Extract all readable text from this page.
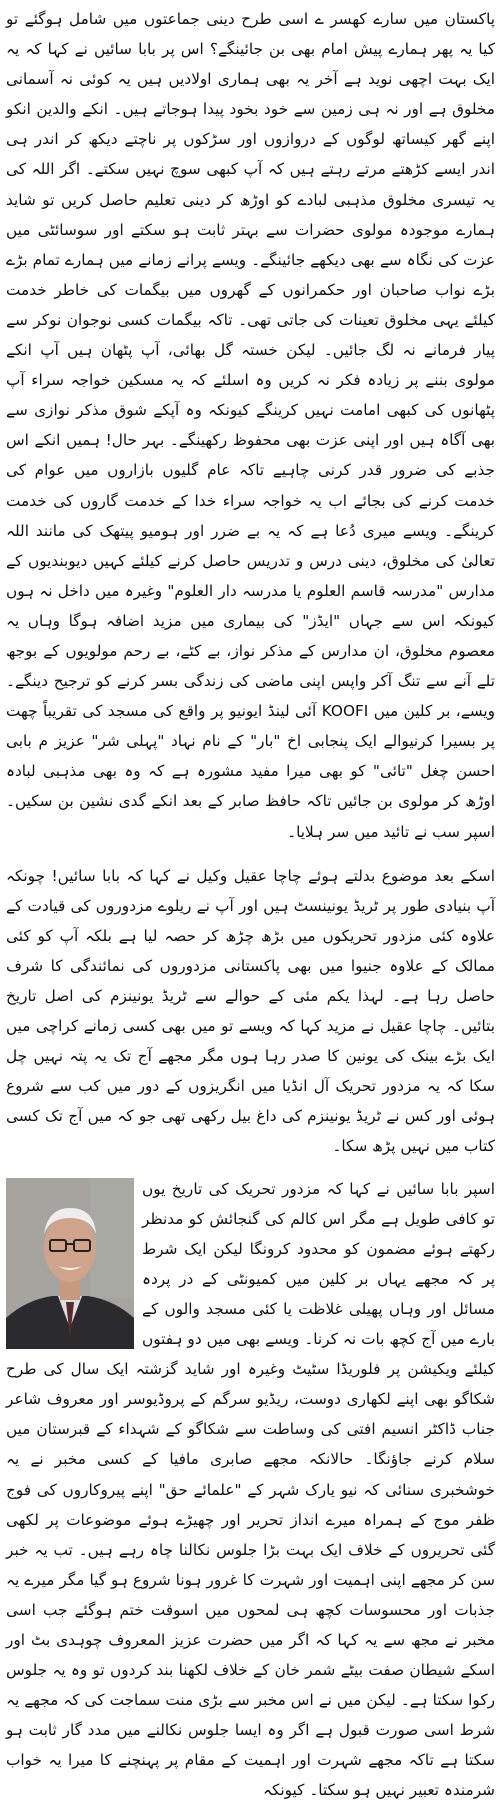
پاکستان میں سارے کھسر ے اسی طرح دینی جماعتوں میں شامل ہوگئے تو کیا یہ پھر ہمارے پیش امام بھی بن جائینگے؟ اس پر بابا سائیں نے کہا کہ یہ ایک بہت اچھی نوید ہے آخر یہ بھی ہماری اولادیں ہیں یہ کوئی نہ آسمانی مخلوق ہے اور نہ ہی زمین سے خود بخود پیدا ہوجاتے ہیں۔ انکے والدین انکو اپنے گھر کیساتھ لوگوں کے دروازوں اور سڑکوں پر ناچتے دیکھ کر اندر ہی اندر ایسے کڑھتے مرتے رہتے ہیں کہ آپ کبھی سوچ نہیں سکتے۔ اگر اللہ کی یہ تیسری مخلوق مذہبی لبادے کو اوڑھ کر دینی تعلیم حاصل کریں تو شاید ہمارے موجودہ مولوی حضرات سے بہتر ثابت ہو سکتے اور سوسائٹی میں عزت کی نگاہ سے بھی دیکھے جائینگے۔ ویسے پرانے زمانے میں ہمارے تمام بڑے بڑے نواب صاحبان اور حکمرانوں کے گھروں میں بیگمات کی خاطر خدمت کیلئے یہی مخلوق تعینات کی جاتی تھی۔ تاکہ بیگمات کسی نوجوان نوکر سے پیار فرمانے نہ لگ جائیں۔ لیکن خستہ گل بھائی، آپ پٹھان ہیں آپ انکے مولوی بننے پر زیادہ فکر نہ کریں وہ اسلئے کہ یہ مسکین خواجہ سراء آپ پٹھانوں کی کبھی امامت نہیں کرینگے کیونکہ وہ آپکے شوق مذکر نوازی سے بھی آگاہ ہیں اور اپنی عزت بھی محفوظ رکھینگے۔ بہر حال! ہمیں انکے اس جذبے کی ضرور قدر کرنی چاہیے تاکہ عام گلیوں بازاروں میں عوام کی خدمت کرنے کی بجائے اب یہ خواجہ سراء خدا کے خدمت گاروں کی خدمت کرینگے۔ ویسے میری دُعا ہے کہ یہ بے ضرر اور ہومیو پیتھک کی مانند اللہ تعالیٰ کی مخلوق، دینی درس و تدریس حاصل کرنے کیلئے کہیں دیوبندیوں کے مدارس "مدرسہ قاسم العلوم یا مدرسہ دار العلوم" وغیرہ میں داخل نہ ہوں کیونکہ اس سے جہاں "ایڈز" کی بیماری میں مزید اضافہ ہوگا وہاں یہ معصوم مخلوق، ان مدارس کے مذکر نواز، بے کٹے، بے رحم مولویوں کے بوجھ تلے آنے سے تنگ آکر واپس اپنی ماضی کی زندگی بسر کرنے کو ترجیح دینگے۔ ویسے، بر کلین میں KOOFI آئی لینڈ ایونیو پر واقع کی مسجد کی تقریباً چھت پر بسیرا کرنیوالے ایک پنجابی اخ "بار" کے نام نہاد "پہلی شر" عزیز م بابی احسن چغل "تائی" کو بھی میرا مفید مشورہ ہے کہ وہ بھی مذہبی لبادہ اوڑھ کر مولوی بن جائیں تاکہ حافظ صابر کے بعد انکے گدی نشین بن سکیں۔ اسپر سب نے تائید میں سر ہلایا۔

اسکے بعد موضوع بدلتے ہوئے چاچا عقیل وکیل نے کہا کہ بابا سائیں! چونکہ آپ بنیادی طور پر ٹریڈ یونینسٹ ہیں اور آپ نے ریلوے مزدوروں کی قیادت کے علاوہ کئی مزدور تحریکوں میں بڑھ چڑھ کر حصہ لیا ہے بلکہ آپ کو کئی ممالک کے علاوہ جنیوا میں بھی پاکستانی مزدوروں کی نمائندگی کا شرف حاصل رہا ہے۔ لہذا یکم مئی کے حوالے سے ٹریڈ یونینزم کی اصل تاریخ بتائیں۔ چاچا عقیل نے مزید کہا کہ ویسے تو میں بھی کسی زمانے کراچی میں ایک بڑے بینک کی یونین کا صدر رہا ہوں مگر مجھے آج تک یہ پتہ نہیں چل سکا کہ یہ مزدور تحریک آل انڈیا میں انگریزوں کے دور میں کب سے شروع ہوئی اور کس نے ٹریڈ یونینزم کی داغ بیل رکھی تھی جو کہ میں آج تک کسی کتاب میں نہیں پڑھ سکا۔

اسپر بابا سائیں نے کہا کہ مزدور تحریک کی تاریخ یوں تو کافی طویل ہے مگر اس کالم کی گنجائش کو مدنظر رکھتے ہوئے مضمون کو محدود کرونگا لیکن ایک شرط پر کہ مجھے یہاں بر کلین میں کمیونٹی کے در پردہ مسائل اور وہاں پھیلی غلاظت یا کئی مسجد والوں کے بارے میں آج کچھ بات نہ کرنا۔ ویسے بھی میں دو ہفتوں کیلئے ویکیشن پر فلوریڈا سٹیٹ وغیرہ اور شاید گزشتہ ایک سال کی طرح شکاگو بھی اپنے لکھاری دوست، ریڈیو سرگم کے پروڈیوسر اور معروف شاعر جناب ڈاکٹر انسیم افتی کی وساطت سے شکاگو کے شہداء کے قبرستان میں سلام کرنے جاؤنگا۔ حالانکہ مجھے صابری مافیا کے کسی مخبر نے یہ خوشخبری سنائی کہ نیو یارک شہر کے "علمائے حق" اپنے پیروکاروں کی فوج ظفر موج کے ہمراہ میرے انداز تحریر اور چھیڑے ہوئے موضوعات پر لکھی گئی تحریروں کے خلاف ایک بہت بڑا جلوس نکالنا چاہ رہے ہیں۔ تب یہ خبر سن کر مجھے اپنی اہمیت اور شہرت کا غرور ہونا شروع ہو گیا مگر میرے یہ جذبات اور محسوسات کچھ ہی لمحوں میں اسوقت ختم ہوگئے جب اسی مخبر نے مجھ سے یہ کہا کہ اگر میں حضرت عزیز المعروف چوہدی بٹ اور اسکے شیطان صفت بیٹے شمر خان کے خلاف لکھنا بند کردوں تو وہ یہ جلوس رکوا سکتا ہے۔ لیکن میں نے اس مخبر سے بڑی منت سماجت کی کہ مجھے یہ شرط اسی صورت قبول ہے اگر وہ ایسا جلوس نکالنے میں مدد گار ثابت ہو سکتا ہے تاکہ مجھے شہرت اور اہمیت کے مقام پر پہنچنے کا میرا یہ خواب شرمندہ تعبیر نہیں ہو سکتا۔ کیونکہ
